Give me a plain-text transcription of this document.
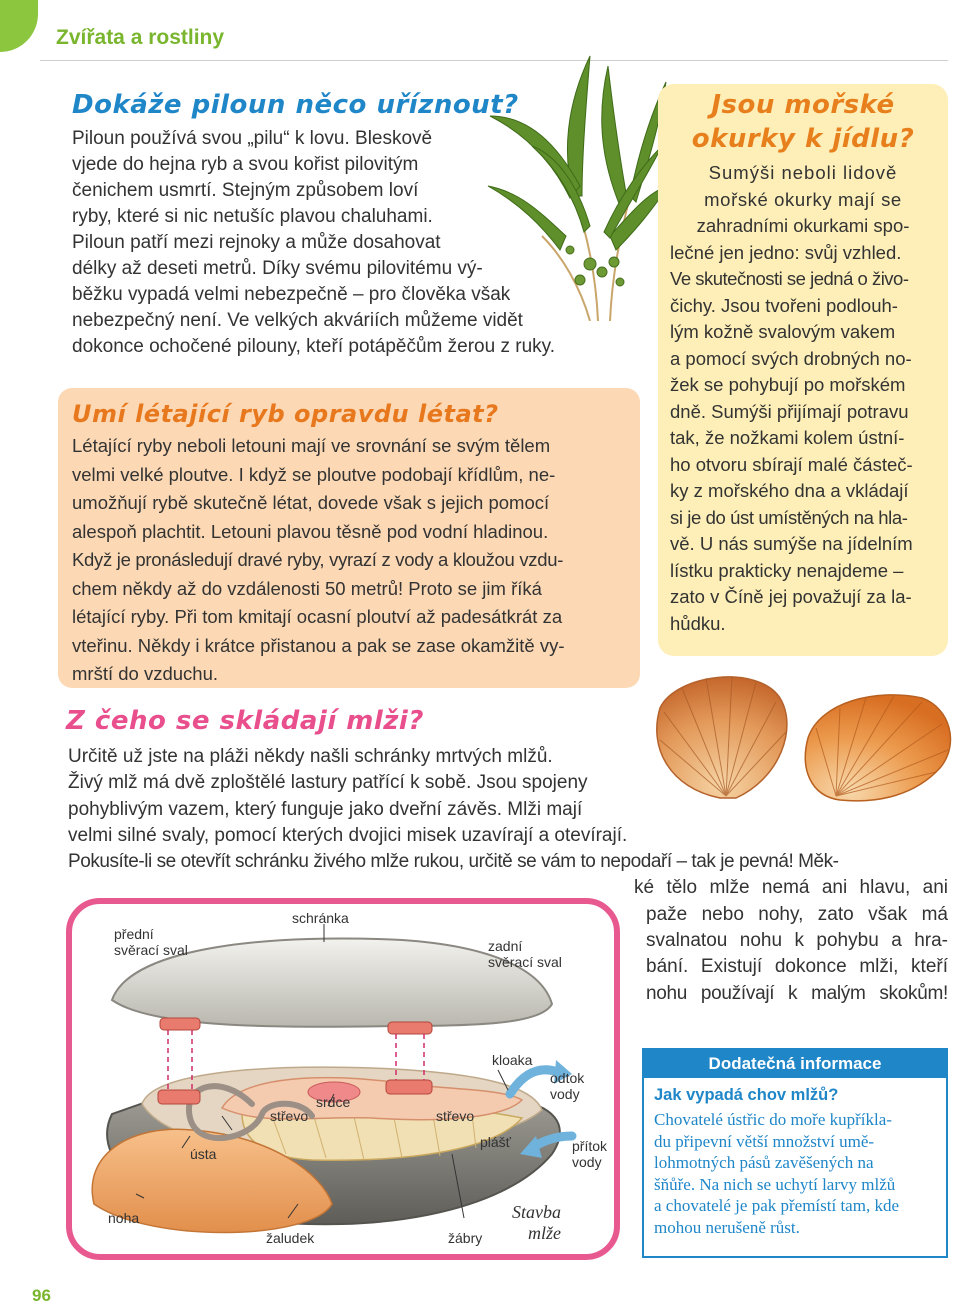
Zvířata a rostliny
Dokáže piloun něco uříznout?
Piloun používá svou „pilu“ k lovu. Bleskově
vjede do hejna ryb a svou kořist pilovitým
čenichem usmrtí. Stejným způsobem loví
ryby, které si nic netušíc plavou chaluhami.
Piloun patří mezi rejnoky a může dosahovat
délky až deseti metrů. Díky svému pilovitému vý-
běžku vypadá velmi nebezpečně – pro člověka však
nebezpečný není. Ve velkých akváriích můžeme vidět
dokonce ochočené pilouny, kteří potápěčům žerou z ruky.
Jsou mořské
okurky k jídlu?
Sumýši neboli lidově
mořské okurky mají se
zahradními okurkami spo-
lečné jen jedno: svůj vzhled.
Ve skutečnosti se jedná o živo-
čichy. Jsou tvořeni podlouh-
lým kožně svalovým vakem
a pomocí svých drobných no-
žek se pohybují po mořském
dně. Sumýši přijímají potravu
tak, že nožkami kolem ústní-
ho otvoru sbírají malé částeč-
ky z mořského dna a vkládají
si je do úst umístěných na hla-
vě. U nás sumýše na jídelním
lístku prakticky nenajdeme –
zato v Číně jej považují za la-
hůdku.
Umí létající ryb opravdu létat?
Létající ryby neboli letouni mají ve srovnání se svým tělem
velmi velké ploutve. I když se ploutve podobají křídlům, ne-
umožňují rybě skutečně létat, dovede však s jejich pomocí
alespoň plachtit. Letouni plavou těsně pod vodní hladinou.
Když je pronásledují dravé ryby, vyrazí z vody a kloužou vzdu-
chem někdy až do vzdálenosti 50 metrů! Proto se jim říká
létající ryby. Při tom kmitají ocasní ploutví až padesátkrát za
vteřinu. Někdy i krátce přistanou a pak se zase okamžitě vy-
mrští do vzduchu.
Z čeho se skládají mlži?
Určitě už jste na pláži někdy našli schránky mrtvých mlžů.
Živý mlž má dvě zploštělé lastury patřící k sobě. Jsou spojeny
pohyblivým vazem, který funguje jako dveřní závěs. Mlži mají
velmi silné svaly, pomocí kterých dvojici misek uzavírají a otevírají.
Pokusíte-li se otevřít schránku živého mlže rukou, určitě se vám to nepodaří – tak je pevná! Měk-
ké tělo mlže nemá ani hlavu, ani
paže nebo nohy, zato však má
svalnatou nohu k pohybu a hra-
bání. Existují dokonce mlži, kteří
nohu používají k malým skokům!
schránka
přední
svěrací sval	zadní
svěrací sval
kloaka
odtok
vody
srdce
střevo	střevo
plášť	přítok
vody
ústa
noha
žaludek	žábry
Stavba
mlže
Dodatečná informace
Jak vypadá chov mlžů?
Chovatelé ústřic do moře kupříkla-
du připevní větší množství umě-
lohmotných pásů zavěšených na
šňůře. Na nich se uchytí larvy mlžů
a chovatelé je pak přemístí tam, kde
mohou nerušeně růst.
96
